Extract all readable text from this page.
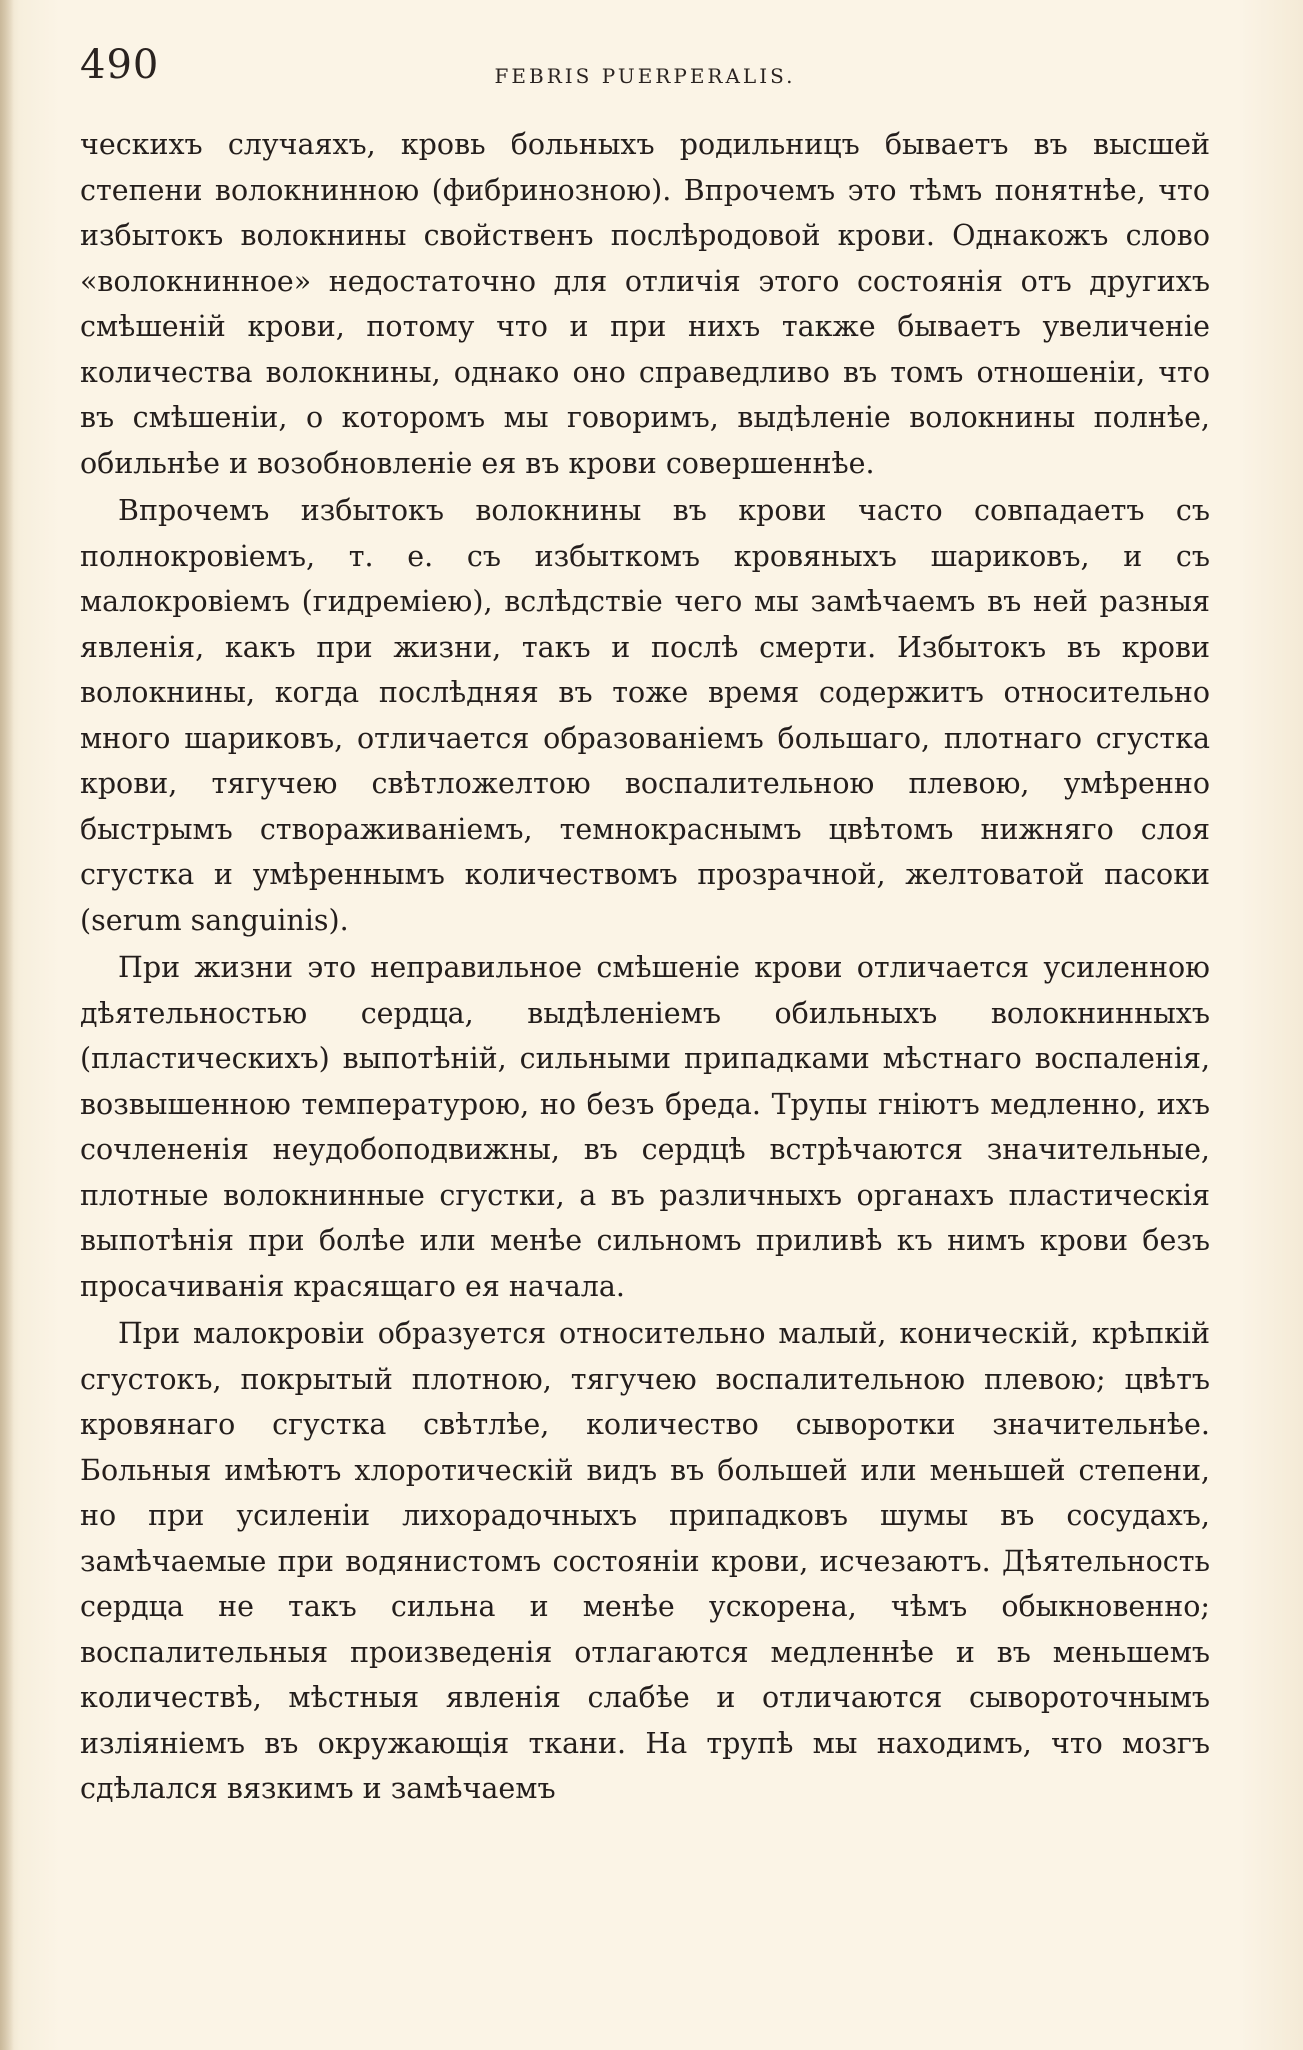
490	FEBRIS PUERPERALIS.

ческихъ случаяхъ, кровь больныхъ родильницъ бываетъ въ высшей степени волокнинною (фибринозною). Впрочемъ это тѣмъ понятнѣе, что избытокъ волокнины свойственъ послѣродовой крови. Однакожъ слово «волокнинное» недостаточно для отличія этого состоянія отъ другихъ смѣшеній крови, потому что и при нихъ также бываетъ увеличеніе количества волокнины, однако оно справедливо въ томъ отношеніи, что въ смѣшеніи, о которомъ мы говоримъ, выдѣленіе волокнины полнѣе, обильнѣе и возобновленіе ея въ крови совершеннѣе.

Впрочемъ избытокъ волокнины въ крови часто совпадаетъ съ полнокровіемъ, т. е. съ избыткомъ кровяныхъ шариковъ, и съ малокровіемъ (гидремiею), вслѣдствіе чего мы замѣчаемъ въ ней разныя явленія, какъ при жизни, такъ и послѣ смерти. Избытокъ въ крови волокнины, когда послѣдняя въ тоже время содержитъ относительно много шариковъ, отличается образованіемъ большаго, плотнаго сгустка крови, тягучею свѣтложелтою воспалительною плевою, умѣренно быстрымъ створаживаніемъ, темнокраснымъ цвѣтомъ нижняго слоя сгустка и умѣреннымъ количествомъ прозрачной, желтоватой пасоки (serum sanguinis).

При жизни это неправильное смѣшеніе крови отличается усиленною дѣятельностью сердца, выдѣленіемъ обильныхъ волокнинныхъ (пластическихъ) выпотѣній, сильными припадками мѣстнаго воспаленія, возвышенною температурою, но безъ бреда. Трупы гніютъ медленно, ихъ сочлененія неудобоподвижны, въ сердцѣ встрѣчаются значительные, плотные волокнинные сгустки, а въ различныхъ органахъ пластическія выпотѣнія при болѣе или менѣе сильномъ приливѣ къ нимъ крови безъ просачиванія красящаго ея начала.

При малокровіи образуется относительно малый, коническій, крѣпкій сгустокъ, покрытый плотною, тягучею воспалительною плевою; цвѣтъ кровянаго сгустка свѣтлѣе, количество сыворотки значительнѣе. Больныя имѣютъ хлоротическій видъ въ большей или меньшей степени, но при усиленіи лихорадочныхъ припадковъ шумы въ сосудахъ, замѣчаемые при водянистомъ состояніи крови, исчезаютъ. Дѣятельность сердца не такъ сильна и менѣе ускорена, чѣмъ обыкновенно; воспалительныя произведенія отлагаются медленнѣе и въ меньшемъ количествѣ, мѣстныя явленія слабѣе и отличаются сывороточнымъ изліяніемъ въ окружающія ткани. На трупѣ мы находимъ, что мозгъ сдѣлался вязкимъ и замѣчаемъ
